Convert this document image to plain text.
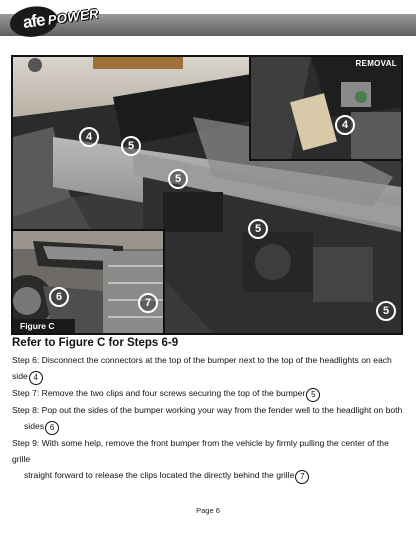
afe POWER
4
5
5
5
5
REMOVAL
4
6	7
Figure C
Refer to Figure C for Steps 6-9

Step 6: Disconnect the connectors at the top of the bumper next to the top of the headlights on each side 4

Step 7: Remove the two clips and four screws securing the top of the bumper 5

Step 8: Pop out the sides of the bumper working your way from the fender well to the headlight on both
sides 6

Step 9: With some help, remove the front bumper from the vehicle by firmly pulling the center of the grille
straight forward to release the clips located the directly behind the grille 7

Page 6
